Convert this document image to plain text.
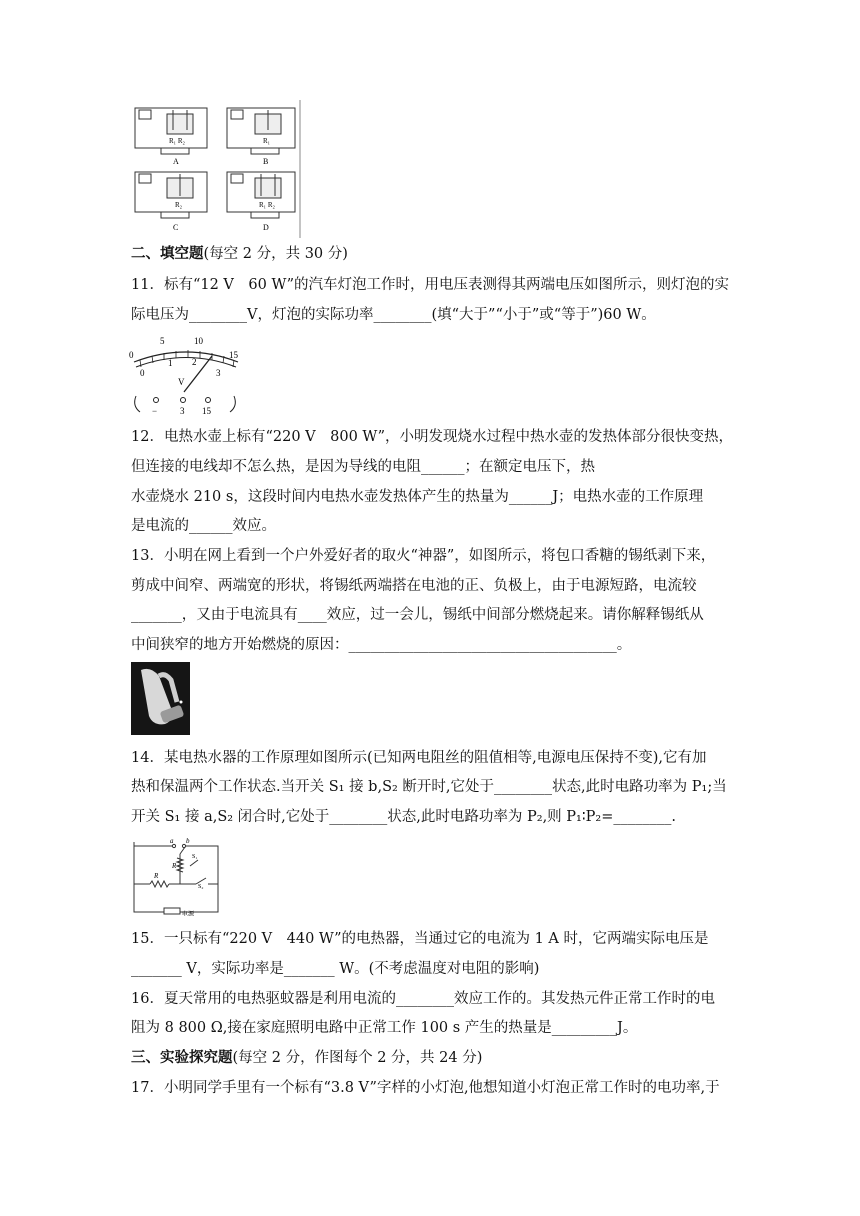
R₁ R₂
A
R₁
B
R₂
C
R₁ R₂
D
二、填空题(每空 2 分，共 30 分)
11．标有“12 V　60 W”的汽车灯泡工作时，用电压表测得其两端电压如图所示，则灯泡的实
际电压为________V，灯泡的实际功率________(填“大于”“小于”或“等于”)60 W。
0
5	10
15
0
1 2
3
V
−	3 15
12．电热水壶上标有“220 V　800 W”，小明发现烧水过程中热水壶的发热体部分很快变热，
但连接的电线却不怎么热，是因为导线的电阻______；在额定电压下，热
水壶烧水 210 s，这段时间内电热水壶发热体产生的热量为______J；电热水壶的工作原理
是电流的______效应。
13．小明在网上看到一个户外爱好者的取火“神器”，如图所示，将包口香糖的锡纸剥下来，
剪成中间窄、两端宽的形状，将锡纸两端搭在电池的正、负极上，由于电源短路，电流较
_______，又由于电流具有____效应，过一会儿，锡纸中间部分燃烧起来。请你解释锡纸从
中间狭窄的地方开始燃烧的原因：_____________________________________。
14．某电热水器的工作原理如图所示(已知两电阻丝的阻值相等,电源电压保持不变),它有加
热和保温两个工作状态.当开关 S₁ 接 b,S₂ 断开时,它处于________状态,此时电路功率为 P₁;当
开关 S₁ 接 a,S₂ 闭合时,它处于________状态,此时电路功率为 P₂,则 P₁∶P₂=________.
a b
S₁
S₂
R
R
电源
15．一只标有“220 V　440 W”的电热器，当通过它的电流为 1 A 时，它两端实际电压是
_______ V，实际功率是_______ W。(不考虑温度对电阻的影响)
16．夏天常用的电热驱蚊器是利用电流的________效应工作的。其发热元件正常工作时的电
阻为 8 800 Ω,接在家庭照明电路中正常工作 100 s 产生的热量是_________J。
三、实验探究题(每空 2 分，作图每个 2 分，共 24 分)
17．小明同学手里有一个标有“3.8 V”字样的小灯泡,他想知道小灯泡正常工作时的电功率,于
